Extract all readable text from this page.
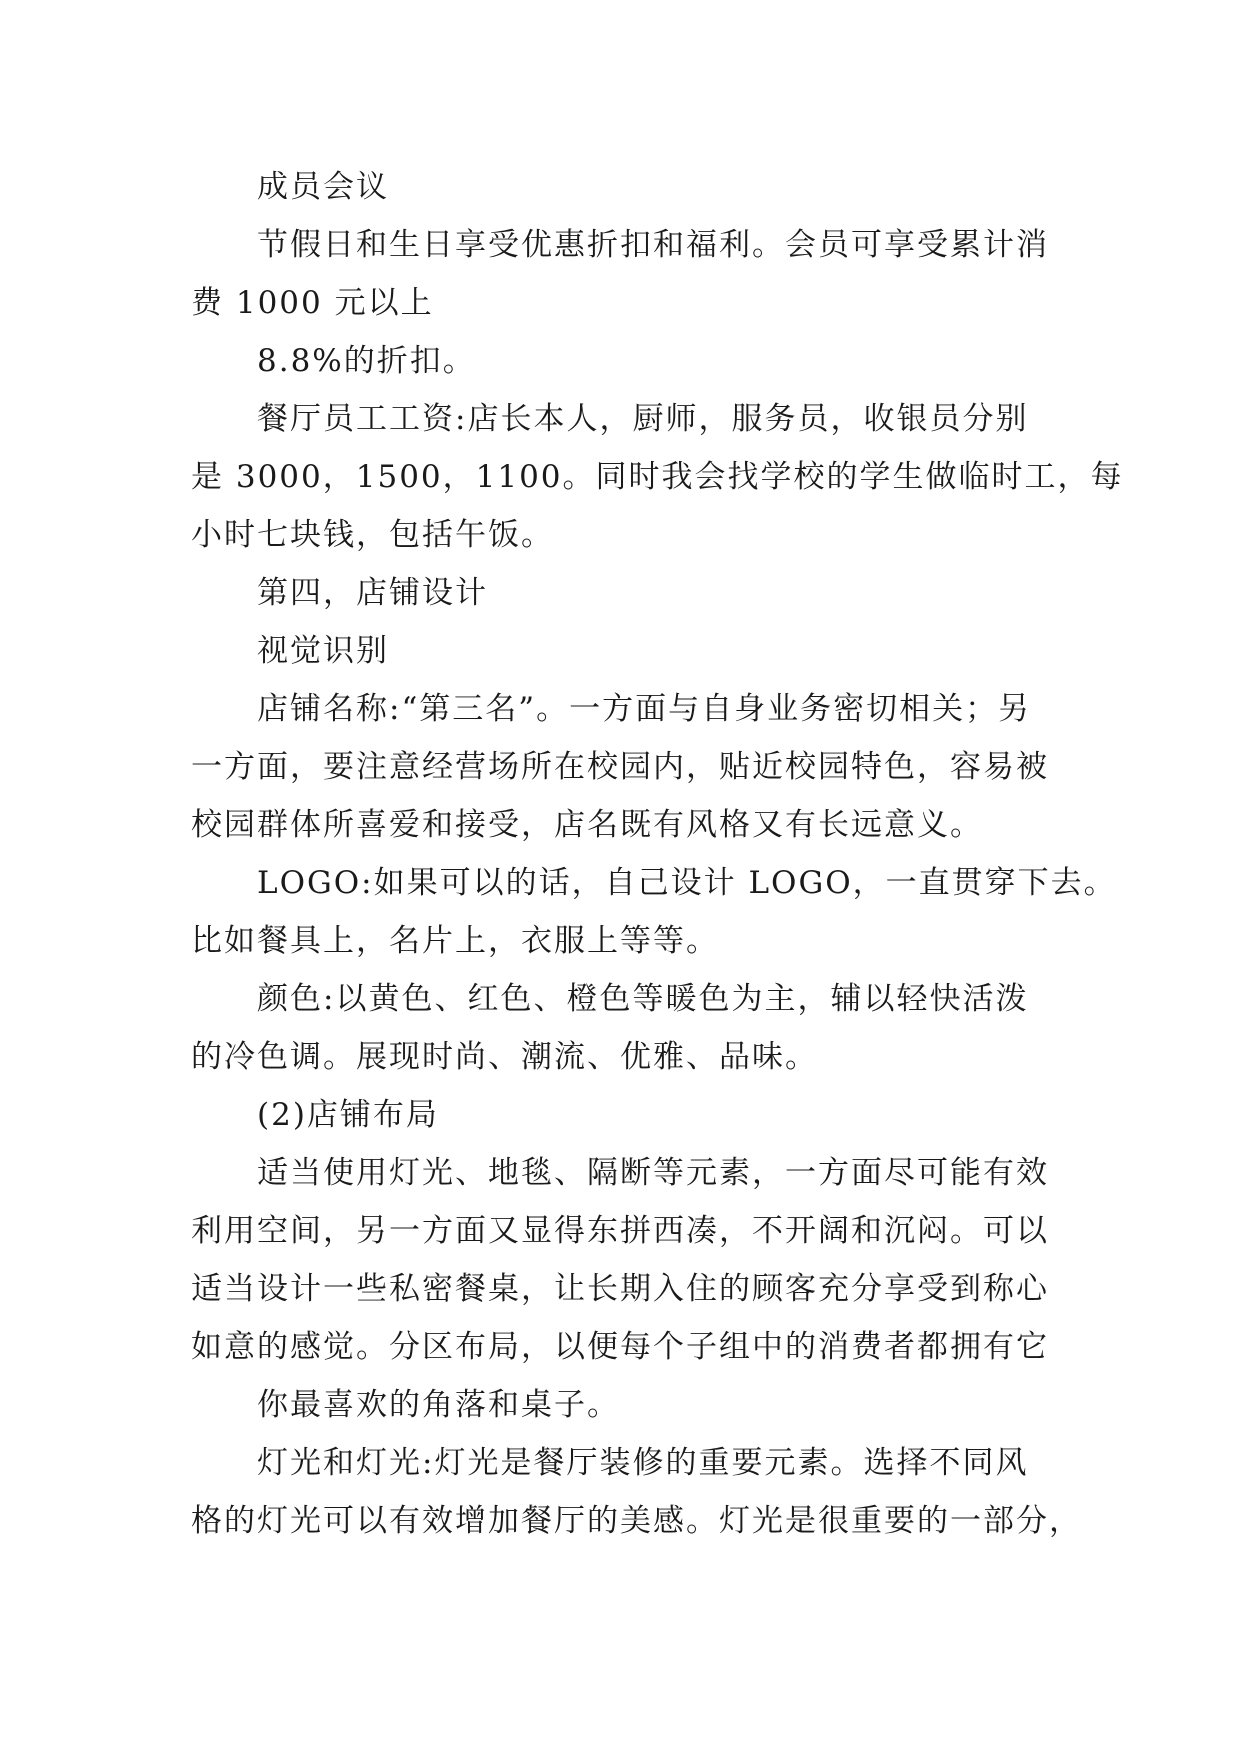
成员会议
节假日和生日享受优惠折扣和福利。会员可享受累计消
费 1000 元以上
8.8%的折扣。
餐厅员工工资:店长本人，厨师，服务员，收银员分别
是 3000，1500，1100。同时我会找学校的学生做临时工，每
小时七块钱，包括午饭。
第四，店铺设计
视觉识别
店铺名称:“第三名”。一方面与自身业务密切相关；另
一方面，要注意经营场所在校园内，贴近校园特色，容易被
校园群体所喜爱和接受，店名既有风格又有长远意义。
LOGO:如果可以的话，自己设计 LOGO，一直贯穿下去。
比如餐具上，名片上，衣服上等等。
颜色:以黄色、红色、橙色等暖色为主，辅以轻快活泼
的冷色调。展现时尚、潮流、优雅、品味。
(2)店铺布局
适当使用灯光、地毯、隔断等元素，一方面尽可能有效
利用空间，另一方面又显得东拼西凑，不开阔和沉闷。可以
适当设计一些私密餐桌，让长期入住的顾客充分享受到称心
如意的感觉。分区布局，以便每个子组中的消费者都拥有它
你最喜欢的角落和桌子。
灯光和灯光:灯光是餐厅装修的重要元素。选择不同风
格的灯光可以有效增加餐厅的美感。灯光是很重要的一部分，
